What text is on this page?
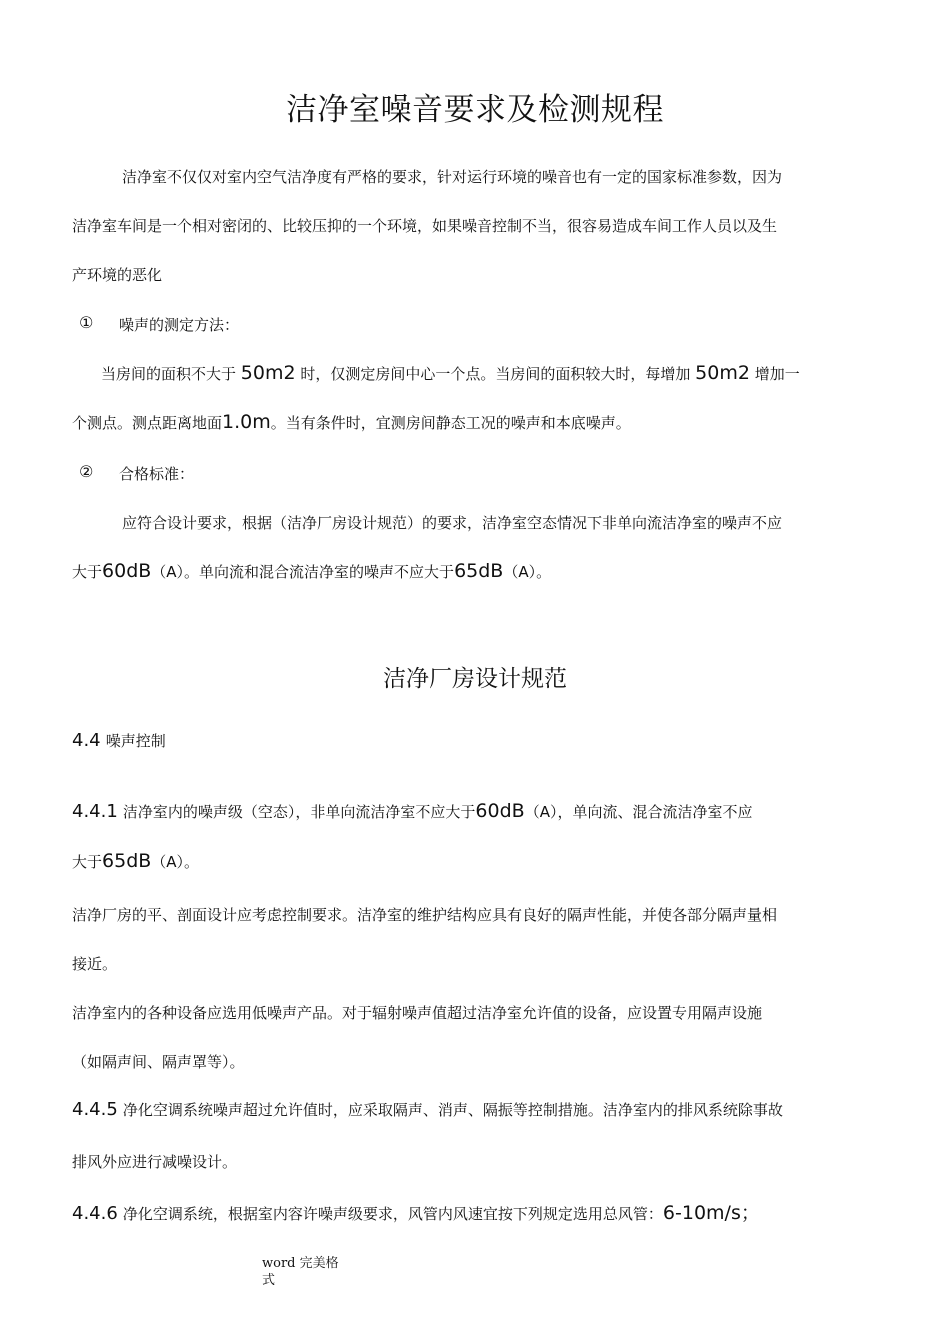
洁净室噪音要求及检测规程
洁净室不仅仅对室内空气洁净度有严格的要求，针对运行环境的噪音也有一定的国家标准参数，因为
洁净室车间是一个相对密闭的、比较压抑的一个环境，如果噪音控制不当，很容易造成车间工作人员以及生
产环境的恶化
① 噪声的测定方法：
当房间的面积不大于 50m2 时，仅测定房间中心一个点。当房间的面积较大时，每增加 50m2 增加一
个测点。测点距离地面1.0m。当有条件时，宜测房间静态工况的噪声和本底噪声。
② 合格标准：
应符合设计要求，根据（洁净厂房设计规范）的要求，洁净室空态情况下非单向流洁净室的噪声不应
大于60dB（A）。单向流和混合流洁净室的噪声不应大于65dB（A）。
洁净厂房设计规范
4.4 噪声控制
4.4.1 洁净室内的噪声级（空态），非单向流洁净室不应大于60dB（A），单向流、混合流洁净室不应
大于65dB（A）。
洁净厂房的平、剖面设计应考虑控制要求。洁净室的维护结构应具有良好的隔声性能，并使各部分隔声量相
接近。
洁净室内的各种设备应选用低噪声产品。对于辐射噪声值超过洁净室允许值的设备，应设置专用隔声设施
（如隔声间、隔声罩等）。
4.4.5 净化空调系统噪声超过允许值时，应采取隔声、消声、隔振等控制措施。洁净室内的排风系统除事故
排风外应进行减噪设计。
4.4.6 净化空调系统，根据室内容许噪声级要求，风管内风速宜按下列规定选用总风管：6-10m/s；
word 完美格
式
